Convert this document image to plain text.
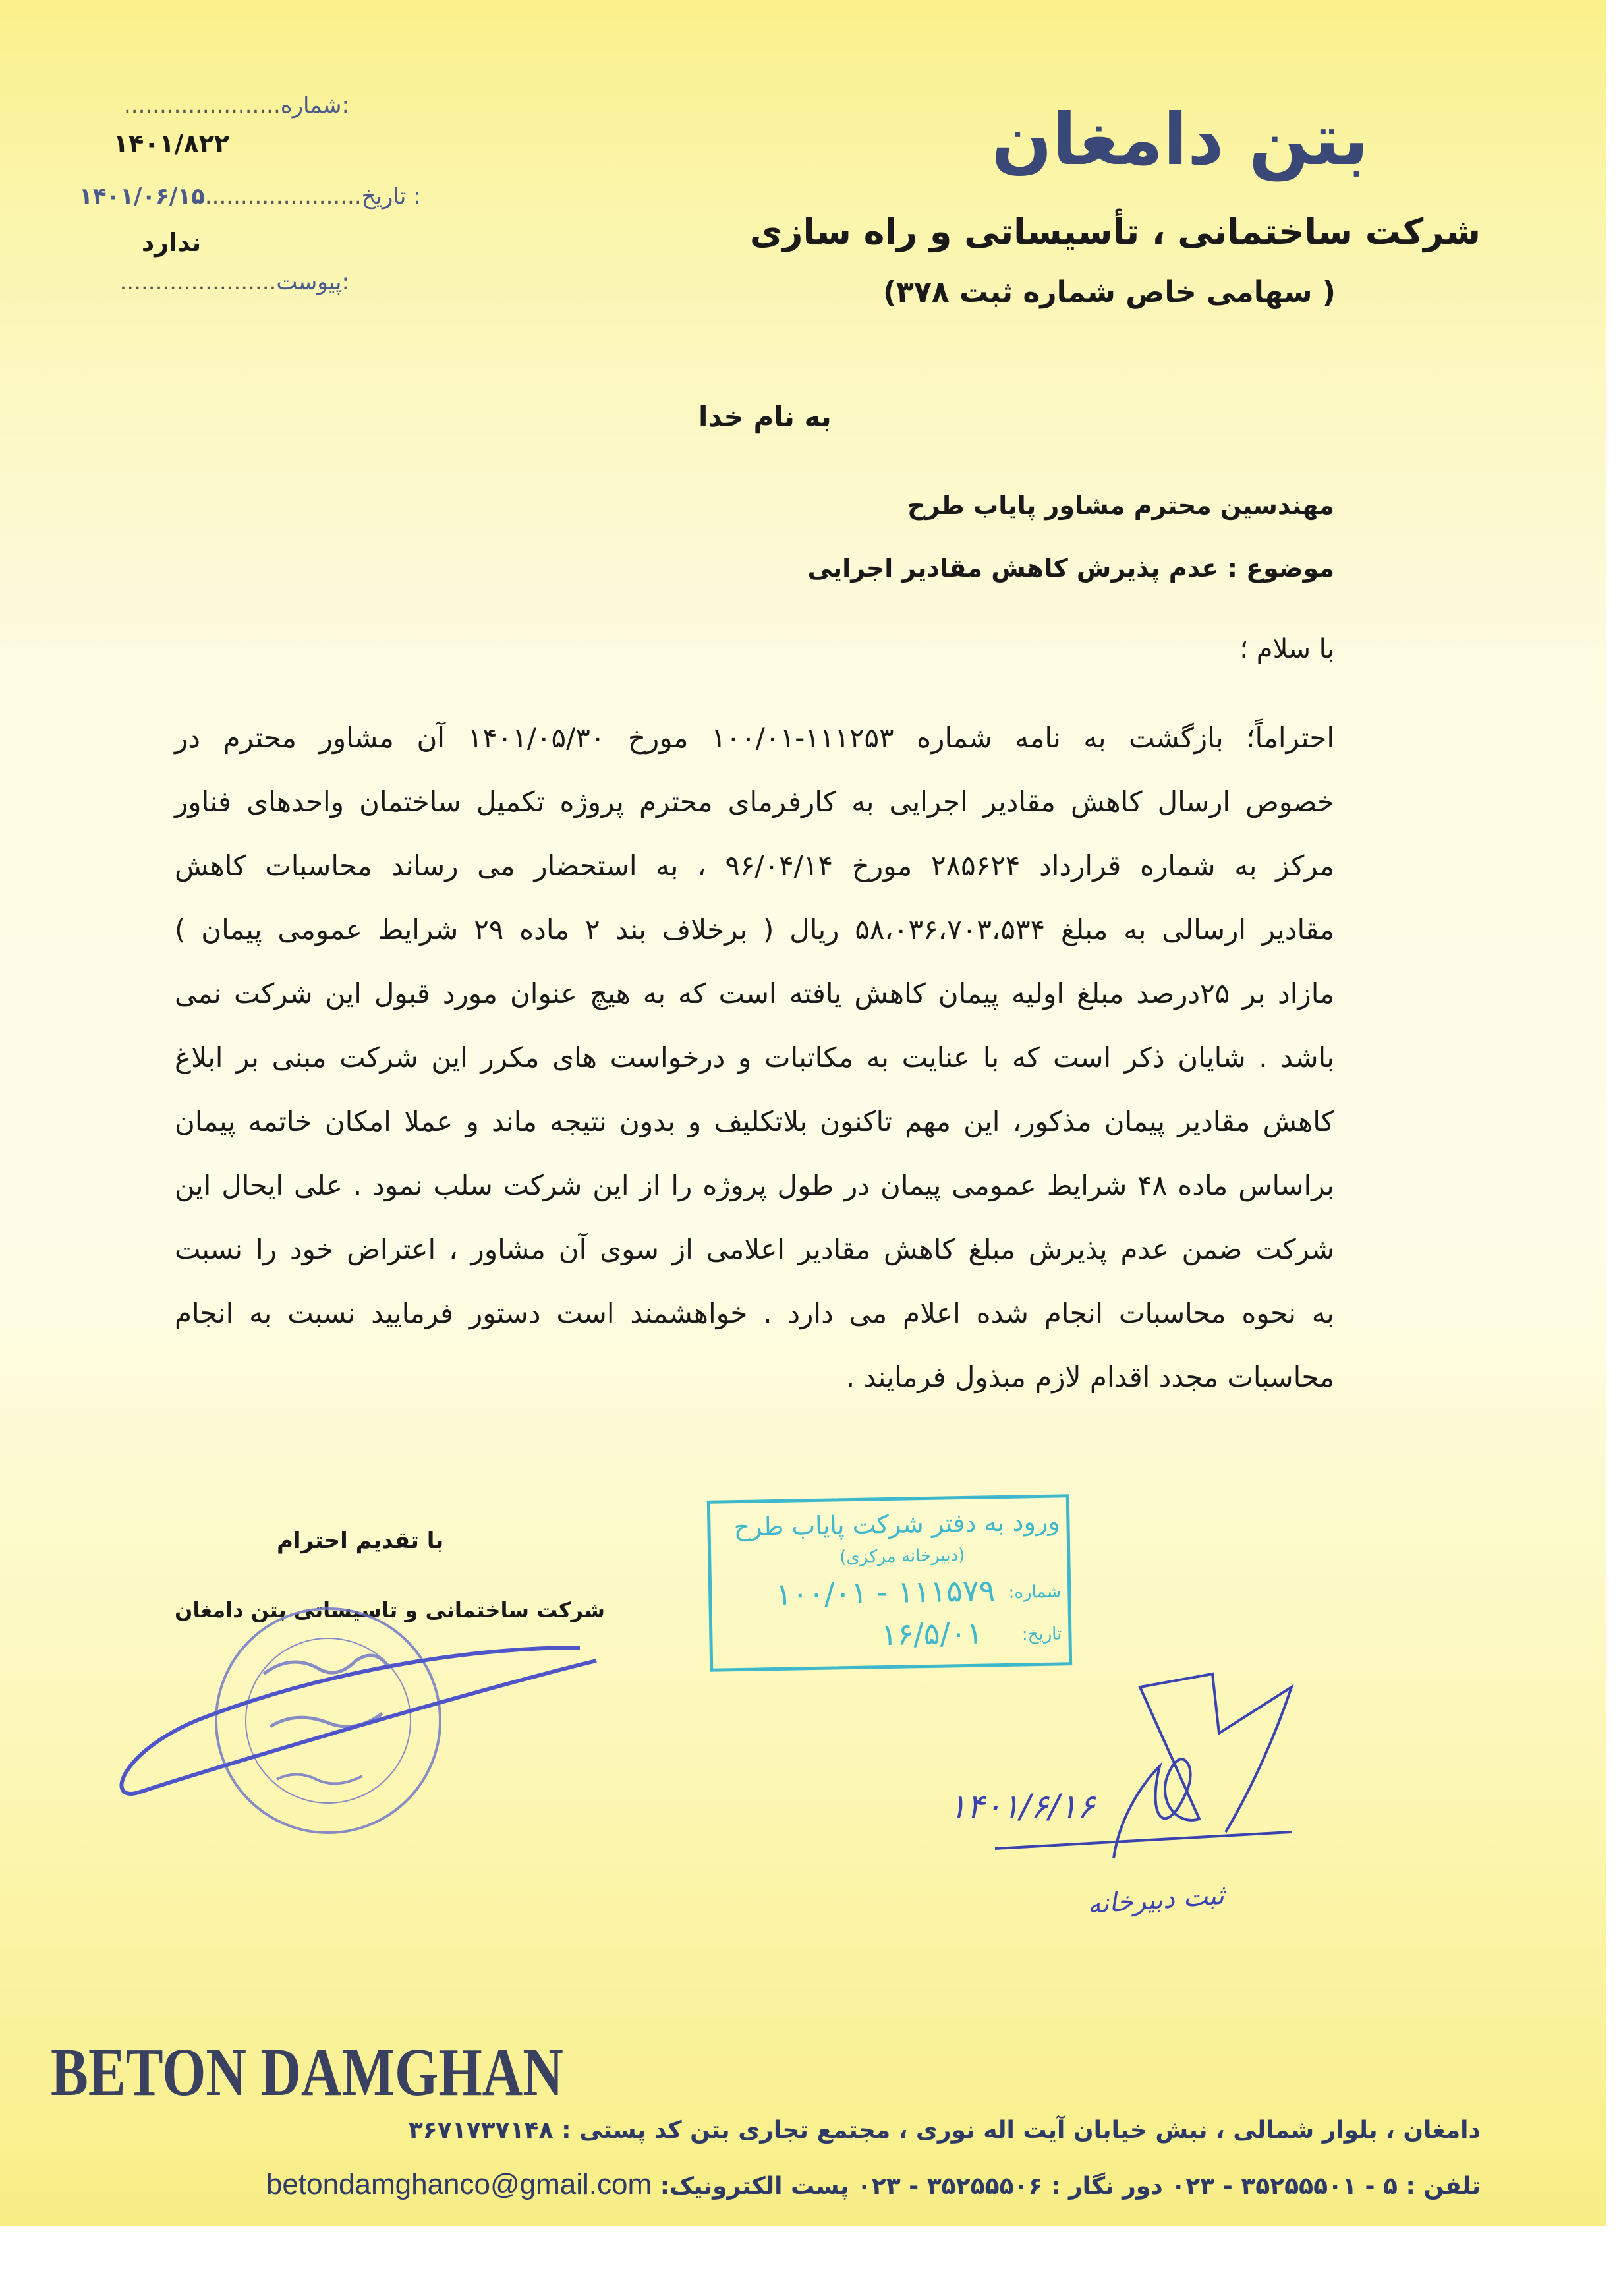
بتن دامغان
شرکت ساختمانی ، تأسیساتی و راه سازی
( سهامی خاص شماره ثبت ۳۷۸)
......................شماره:
۱۴۰۱/۸۲۲
۱۴۰۱/۰۶/۱۵......................تاریخ :
ندارد
......................پیوست:
به نام خدا
مهندسین محترم مشاور پایاب طرح
موضوع : عدم پذیرش کاهش مقادیر اجرایی
با سلام ؛
احتراماً؛ بازگشت به نامه شماره ۱۱۱۲۵۳-۱۰۰/۰۱ مورخ ۱۴۰۱/۰۵/۳۰ آن مشاور محترم در
خصوص ارسال کاهش مقادیر اجرایی به کارفرمای محترم پروژه تکمیل ساختمان واحدهای فناور
مرکز به شماره قرارداد ۲۸۵۶۲۴ مورخ ۹۶/۰۴/۱۴ ، به استحضار می رساند محاسبات کاهش
مقادیر ارسالی به مبلغ ۵۸،۰۳۶،۷۰۳،۵۳۴ ریال ( برخلاف بند ۲ ماده ۲۹ شرایط عمومی پیمان )
مازاد بر ۲۵درصد مبلغ اولیه پیمان کاهش یافته است که به هیچ عنوان مورد قبول این شرکت نمی
باشد . شایان ذکر است که با عنایت به مکاتبات و درخواست های مکرر این شرکت مبنی بر ابلاغ
کاهش مقادیر پیمان مذکور، این مهم تاکنون بلاتکلیف و بدون نتیجه ماند و عملا امکان خاتمه پیمان
براساس ماده ۴۸ شرایط عمومی پیمان در طول پروژه را از این شرکت سلب نمود . علی ایحال این
شرکت ضمن عدم پذیرش مبلغ کاهش مقادیر اعلامی از سوی آن مشاور ، اعتراض خود را نسبت
به نحوه محاسبات انجام شده اعلام می دارد . خواهشمند است دستور فرمایید نسبت به انجام
محاسبات مجدد اقدام لازم مبذول فرمایند .
با تقدیم احترام
شرکت ساختمانی و تاسیساتی بتن دامغان
۱۴۰۱/۶/۱۶
ثبت دبیرخانه
ورود به دفتر شرکت پایاب طرح
(دبیرخانه مرکزی)
شماره:
۱۰۰/۰۱ - ۱۱۱۵۷۹
تاریخ:
۱۶/۵/۰۱
BETON DAMGHAN
دامغان ، بلوار شمالی ، نبش خیابان آیت اله نوری ، مجتمع تجاری بتن کد پستی : ۳۶۷۱۷۳۷۱۴۸
تلفن : ۵ - ۳۵۲۵۵۵۰۱ - ۰۲۳ دور نگار : ۳۵۲۵۵۵۰۶ - ۰۲۳ پست الکترونیک: betondamghanco@gmail.com
